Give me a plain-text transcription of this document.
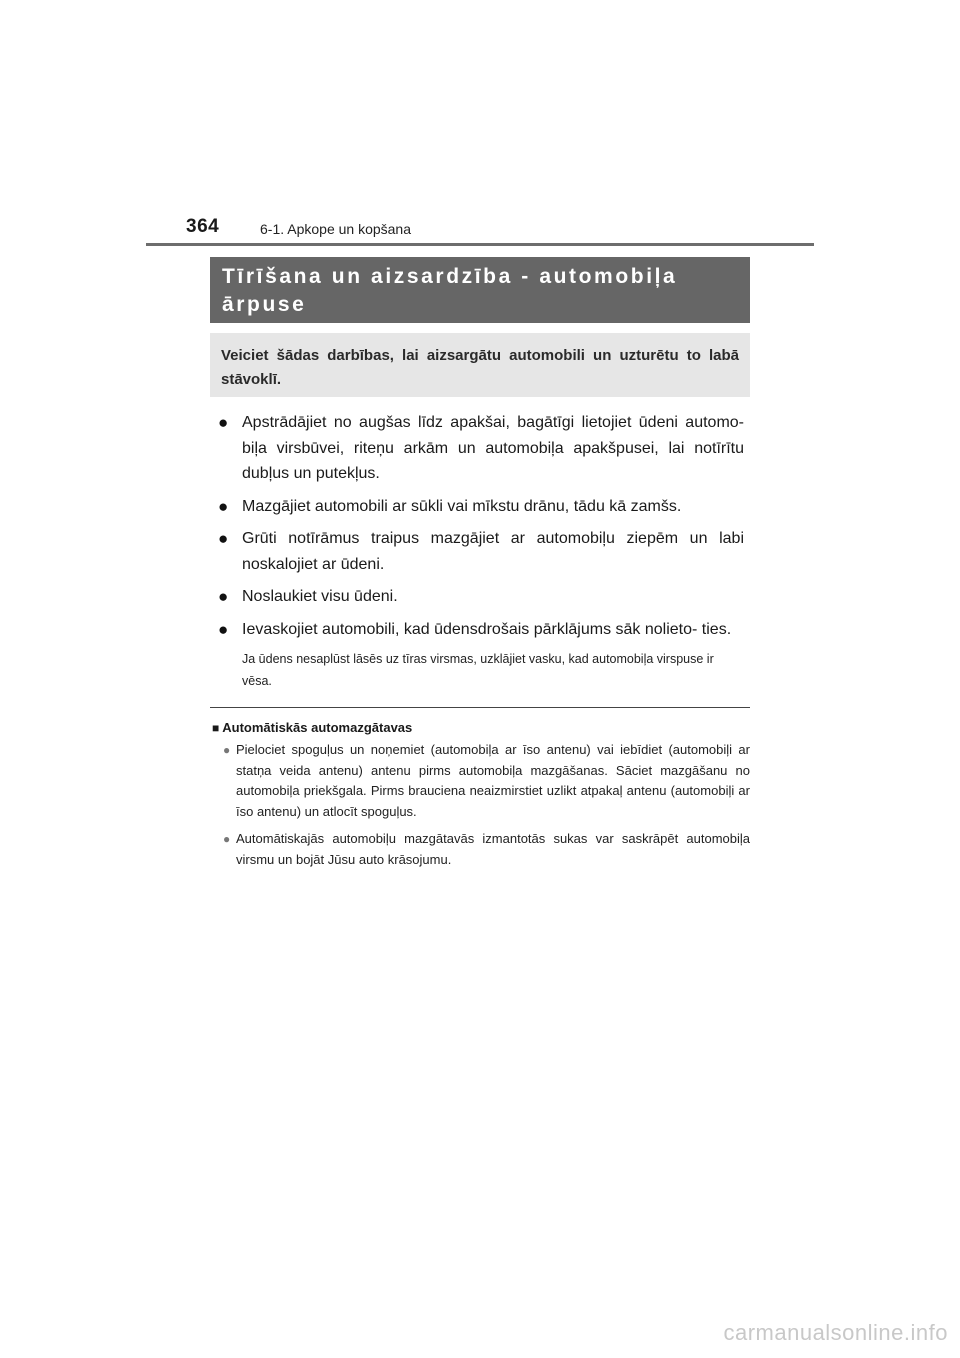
364	6-1. Apkope un kopšana
Tīrīšana un aizsardzība - automobiļa ārpuse
Veiciet šādas darbības, lai aizsargātu automobili un uzturētu to labā stāvoklī.
● Apstrādājiet no augšas līdz apakšai, bagātīgi lietojiet ūdeni automo- biļa virsbūvei, riteņu arkām un automobiļa apakšpusei, lai notīrītu dubļus un putekļus.
● Mazgājiet automobili ar sūkli vai mīkstu drānu, tādu kā zamšs.
● Grūti notīrāmus traipus mazgājiet ar automobiļu ziepēm un labi noskalojiet ar ūdeni.
● Noslaukiet visu ūdeni.
● Ievaskojiet automobili, kad ūdensdrošais pārklājums sāk nolieto- ties.
Ja ūdens nesaplūst lāsēs uz tīras virsmas, uzklājiet vasku, kad automobiļa virspuse ir vēsa.
■ Automātiskās automazgātavas
● Pielociet spoguļus un noņemiet (automobiļa ar īso antenu) vai iebīdiet (automobiļi ar statņa veida antenu) antenu pirms automobiļa mazgāšanas. Sāciet mazgāšanu no automobiļa priekšgala. Pirms brauciena neaizmirstiet uzlikt atpakaļ antenu (automobiļi ar īso antenu) un atlocīt spoguļus.
● Automātiskajās automobiļu mazgātavās izmantotās sukas var saskrāpēt automobiļa virsmu un bojāt Jūsu auto krāsojumu.
carmanualsonline.info
